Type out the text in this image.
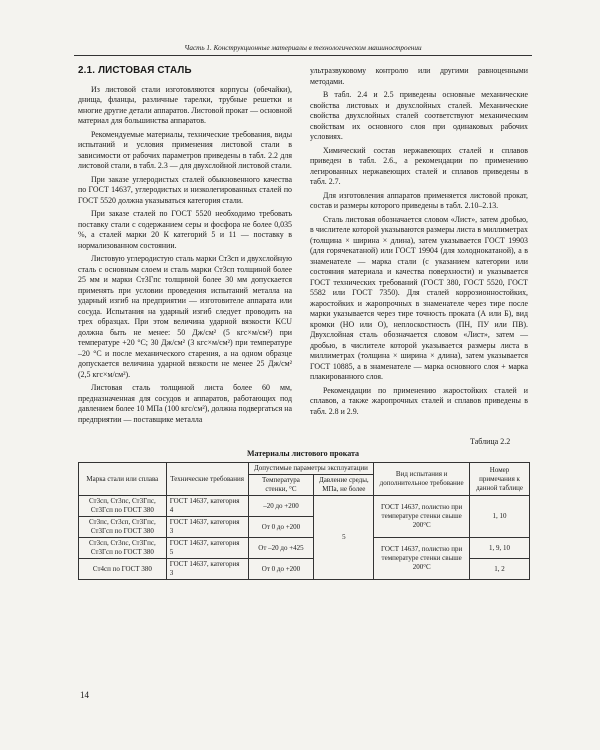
Часть 1. Конструкционные материалы в технологическом машиностроении
2.1. ЛИСТОВАЯ СТАЛЬ

Из листовой стали изготовляются корпусы (обечайки), днища, фланцы, различные тарелки, трубные решетки и многие другие детали аппаратов. Листовой прокат — основной материал для большинства аппаратов.

Рекомендуемые материалы, технические требования, виды испытаний и условия применения листовой стали в зависимости от рабочих параметров приведены в табл. 2.2 для листовой стали, в табл. 2.3 — для двухслойной листовой стали.

При заказе углеродистых сталей обыкновенного качества по ГОСТ 14637, углеродистых и низколегированных сталей по ГОСТ 5520 должна указываться категория стали.

При заказе сталей по ГОСТ 5520 необходимо требовать поставку стали с содержанием серы и фосфора не более 0,035 %, а сталей марки 20 К категорий 5 и 11 — поставку в нормализованном состоянии.

Листовую углеродистую сталь марки Ст3сп и двухслойную сталь с основным слоем и сталь марки Ст3сп толщиной более 25 мм и марки Ст3Гпс толщиной более 30 мм допускается применять при условии проведения испытаний металла на ударный изгиб на предприятии — изготовителе аппарата или сосуда. Испытания на ударный изгиб следует проводить на трех образцах. При этом величина ударной вязкости KCU должна быть не менее: 50 Дж/см² (5 кгс×м/см²) при температуре +20 °С; 30 Дж/см² (3 кгс×м/см²) при температуре –20 °С и после механического старения, а на одном образце допускается величина ударной вязкости не менее 25 Дж/см² (2,5 кгс×м/см²).

Листовая сталь толщиной листа более 60 мм, предназначенная для сосудов и аппаратов, работающих под давлением более 10 МПа (100 кгс/см²), должна подвергаться на предприятии — поставщике металла

ультразвуковому контролю или другими равноценными методами.

В табл. 2.4 и 2.5 приведены основные механические свойства листовых и двухслойных сталей. Механические свойства двухслойных сталей соответствуют механическим свойствам их основного слоя при одинаковых рабочих условиях.

Химический состав нержавеющих сталей и сплавов приведен в табл. 2.6., а рекомендации по применению легированных нержавеющих сталей и сплавов приведены в табл. 2.7.

Для изготовления аппаратов применяется листовой прокат, состав и размеры которого приведены в табл. 2.10–2.13.

Сталь листовая обозначается словом «Лист», затем дробью, в числителе которой указываются размеры листа в миллиметрах (толщина × ширина × длина), затем указывается ГОСТ 19903 (для горячекатаной) или ГОСТ 19904 (для холоднокатаной), а в знаменателе — марка стали (с указанием категории или состояния материала и качества поверхности) и указывается ГОСТ технических требований (ГОСТ 380, ГОСТ 5520, ГОСТ 5582 или ГОСТ 7350). Для сталей коррозионностойких, жаростойких и жаропрочных в знаменателе через тире после марки указывается через тире точность проката (А или Б), вид кромки (НО или О), неплоскостность (ПН, ПУ или ПВ). Двухслойная сталь обозначается словом «Лист», затем — дробью, в числителе которой указывается размеры листа в миллиметрах (толщина × ширина × длина), затем указывается ГОСТ 10885, а в знаменателе — марка основного слоя + марка плакированного слоя.

Рекомендации по применению жаростойких сталей и сплавов, а также жаропрочных сталей и сплавов приведены в табл. 2.8 и 2.9.

Таблица 2.2
Материалы листового проката
Марка стали или сплава	Технические требования	Допустимые параметры эксплуатации		Вид испытания и дополнительное требование	Номер примечания к данной таблице
		Температура стенки, °С	Давление среды, МПа, не более		
Ст3сп, Ст3пс, Ст3Гпс, Ст3Гсп по ГОСТ 380	ГОСТ 14637, категория 4	–20 до +200	5	ГОСТ 14637, полистно при температуре стенки свыше 200°С	1, 10
Ст3пс, Ст3сп, Ст3Гпс, Ст3Гсп по ГОСТ 380	ГОСТ 14637, категория 3	От 0 до +200			
Ст3сп, Ст3пс, Ст3Гпс, Ст3Гсп по ГОСТ 380	ГОСТ 14637, категория 5	От –20 до +425		ГОСТ 14637, полистно при температуре стенки свыше 200°С	1, 9, 10
Ст4сп по ГОСТ 380	ГОСТ 14637, категория 3	От 0 до +200			1, 2
14
